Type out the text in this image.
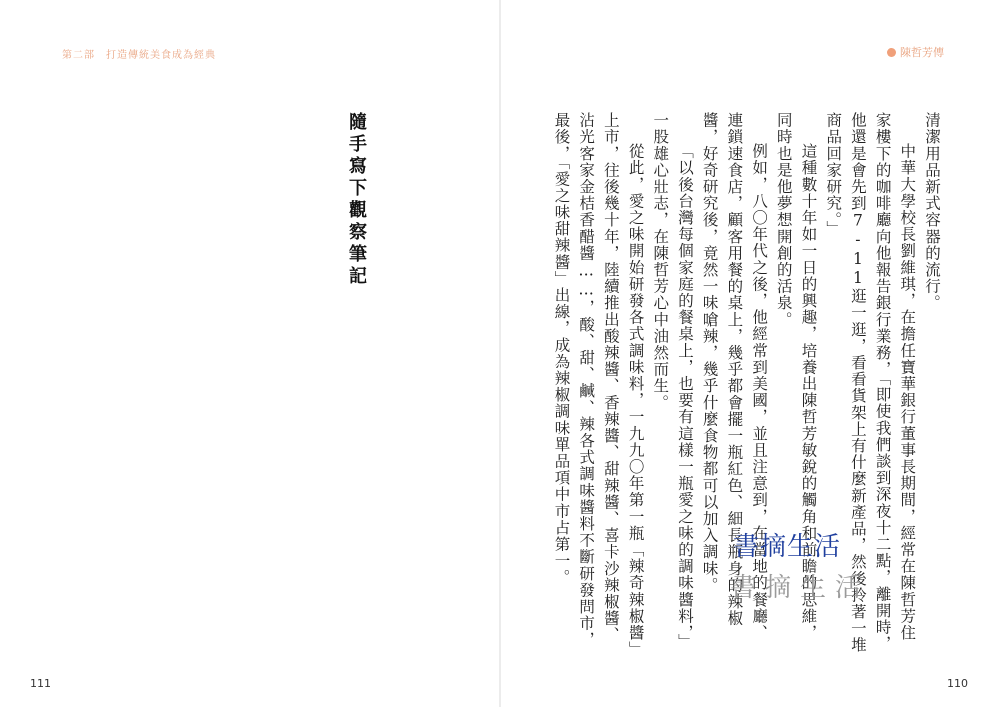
第二部　打造傳統美食成為經典

隨手寫下觀察筆記
111
陳哲芳傳
110

清潔用品新式容器的流行。

中華大學校長劉維琪，在擔任寶華銀行董事長期間，經常在陳哲芳住家樓下的咖啡廳向他報告銀行業務，「即使我們談到深夜十二點，離開時，他還是會先到7-11逛一逛，看看貨架上有什麼新產品，然後拎著一堆商品回家研究。」

這種數十年如一日的興趣，培養出陳哲芳敏銳的觸角和前瞻的思維，同時也是他夢想開創的活泉。

例如，八〇年代之後，他經常到美國，並且注意到，在當地的餐廳、連鎖速食店，顧客用餐的桌上，幾乎都會擺一瓶紅色、細長瓶身的辣椒醬，好奇研究後，竟然一味嗆辣，幾乎什麼食物都可以加入調味。

「以後台灣每個家庭的餐桌上，也要有這樣一瓶愛之味的調味醬料，」一股雄心壯志，在陳哲芳心中油然而生。

從此，愛之味開始研發各式調味料，一九九〇年第一瓶「辣奇辣椒醬」上市，往後幾十年，陸續推出酸辣醬、香辣醬、甜辣醬、喜卡沙辣椒醬、沾光客家金桔香醋醬……，酸、甜、鹹、辣各式調味醬料不斷研發問市，最後，「愛之味甜辣醬」出線，成為辣椒調味單品項中市占第一。	書摘生活
書摘生活
